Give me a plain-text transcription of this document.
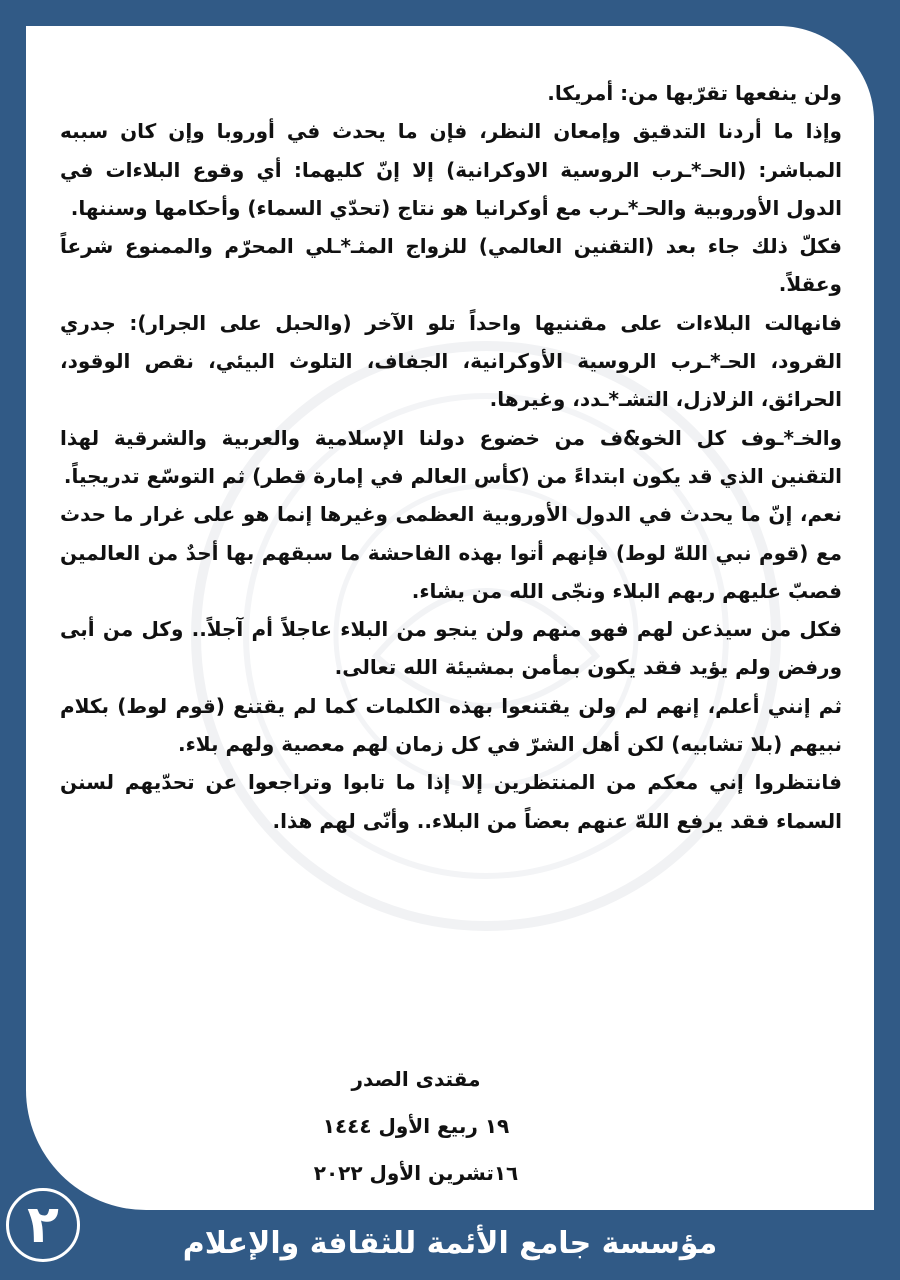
ولن ينفعها تقرّبها من: أمريكا.

وإذا ما أردنا التدقيق وإمعان النظر، فإن ما يحدث في أوروبا وإن كان سببه المباشر: (الحـ*ـرب الروسية الاوكرانية) إلا إنّ كليهما: أي وقوع البلاءات في الدول الأوروبية والحـ*ـرب مع أوكرانيا هو نتاج (تحدّي السماء) وأحكامها وسننها.

فكلّ ذلك جاء بعد (التقنين العالمي) للزواج المثـ*ـلي المحرّم والممنوع شرعاً وعقلاً.

فانهالت البلاءات على مقننيها واحداً تلو الآخر (والحبل على الجرار): جدري القرود، الحـ*ـرب الروسية الأوكرانية، الجفاف، التلوث البيئي، نقص الوقود، الحرائق، الزلازل، التشـ*ـدد، وغيرها.

والخـ*ـوف كل الخو&ف من خضوع دولنا الإسلامية والعربية والشرقية لهذا التقنين الذي قد يكون ابتداءً من (كأس العالم في إمارة قطر) ثم التوسّع تدريجياً.

نعم، إنّ ما يحدث في الدول الأوروبية العظمى وغيرها إنما هو على غرار ما حدث مع (قوم نبي اللهّ لوط) فإنهم أتوا بهذه الفاحشة ما سبقهم بها أحدٌ من العالمين فصبّ عليهم ربهم البلاء ونجّى الله من يشاء.

فكل من سيذعن لهم فهو منهم ولن ينجو من البلاء عاجلاً أم آجلاً.. وكل من أبى ورفض ولم يؤيد فقد يكون بمأمن بمشيئة الله تعالى.

ثم إنني أعلم، إنهم لم ولن يقتنعوا بهذه الكلمات كما لم يقتنع (قوم لوط) بكلام نبيهم (بلا تشابيه) لكن أهل الشرّ في كل زمان لهم معصية ولهم بلاء.

فانتظروا إني معكم من المنتظرين إلا إذا ما تابوا وتراجعوا عن تحدّيهم لسنن السماء فقد يرفع اللهّ عنهم بعضاً من البلاء.. وأنّى لهم هذا.

مقتدى الصدر
١٩ ربيع الأول ١٤٤٤
١٦تشرين الأول ٢٠٢٢
٢	مؤسسة جامع الأئمة للثقافة والإعلام
